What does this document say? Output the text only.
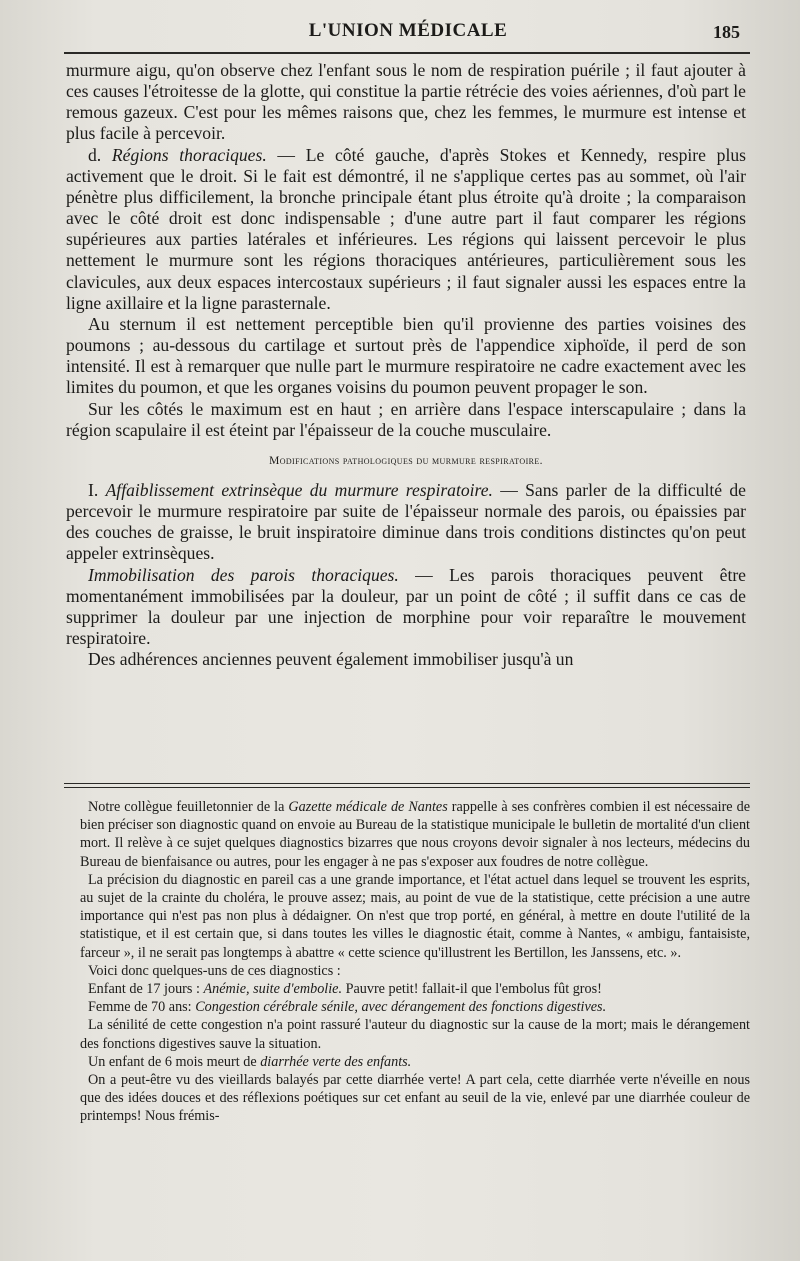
L'UNION MÉDICALE	185

murmure aigu, qu'on observe chez l'enfant sous le nom de respiration puérile ; il faut ajouter à ces causes l'étroitesse de la glotte, qui constitue la partie rétrécie des voies aériennes, d'où part le remous gazeux. C'est pour les mêmes raisons que, chez les femmes, le murmure est intense et plus facile à percevoir.

d. Régions thoraciques. — Le côté gauche, d'après Stokes et Kennedy, respire plus activement que le droit. Si le fait est démontré, il ne s'applique certes pas au sommet, où l'air pénètre plus difficilement, la bronche principale étant plus étroite qu'à droite ; la comparaison avec le côté droit est donc indispensable ; d'une autre part il faut comparer les régions supérieures aux parties latérales et inférieures. Les régions qui laissent percevoir le plus nettement le murmure sont les régions thoraciques antérieures, particulièrement sous les clavicules, aux deux espaces intercostaux supérieurs ; il faut signaler aussi les espaces entre la ligne axillaire et la ligne parasternale.

Au sternum il est nettement perceptible bien qu'il provienne des parties voisines des poumons ; au-dessous du cartilage et surtout près de l'appendice xiphoïde, il perd de son intensité. Il est à remarquer que nulle part le murmure respiratoire ne cadre exactement avec les limites du poumon, et que les organes voisins du poumon peuvent propager le son.

Sur les côtés le maximum est en haut ; en arrière dans l'espace interscapulaire ; dans la région scapulaire il est éteint par l'épaisseur de la couche musculaire.

Modifications pathologiques du murmure respiratoire.

I. Affaiblissement extrinsèque du murmure respiratoire. — Sans parler de la difficulté de percevoir le murmure respiratoire par suite de l'épaisseur normale des parois, ou épaissies par des couches de graisse, le bruit inspiratoire diminue dans trois conditions distinctes qu'on peut appeler extrinsèques.

Immobilisation des parois thoraciques. — Les parois thoraciques peuvent être momentanément immobilisées par la douleur, par un point de côté ; il suffit dans ce cas de supprimer la douleur par une injection de morphine pour voir reparaître le mouvement respiratoire.

Des adhérences anciennes peuvent également immobiliser jusqu'à un

Notre collègue feuilletonnier de la Gazette médicale de Nantes rappelle à ses confrères combien il est nécessaire de bien préciser son diagnostic quand on envoie au Bureau de la statistique municipale le bulletin de mortalité d'un client mort. Il relève à ce sujet quelques diagnostics bizarres que nous croyons devoir signaler à nos lecteurs, médecins du Bureau de bienfaisance ou autres, pour les engager à ne pas s'exposer aux foudres de notre collègue.

La précision du diagnostic en pareil cas a une grande importance, et l'état actuel dans lequel se trouvent les esprits, au sujet de la crainte du choléra, le prouve assez; mais, au point de vue de la statistique, cette précision a une autre importance qui n'est pas non plus à dédaigner. On n'est que trop porté, en général, à mettre en doute l'utilité de la statistique, et il est certain que, si dans toutes les villes le diagnostic était, comme à Nantes, « ambigu, fantaisiste, farceur », il ne serait pas longtemps à abattre « cette science qu'illustrent les Bertillon, les Janssens, etc. ».

Voici donc quelques-uns de ces diagnostics :

Enfant de 17 jours : Anémie, suite d'embolie. Pauvre petit! fallait-il que l'embolus fût gros!

Femme de 70 ans: Congestion cérébrale sénile, avec dérangement des fonctions digestives.

La sénilité de cette congestion n'a point rassuré l'auteur du diagnostic sur la cause de la mort; mais le dérangement des fonctions digestives sauve la situation.

Un enfant de 6 mois meurt de diarrhée verte des enfants.

On a peut-être vu des vieillards balayés par cette diarrhée verte! A part cela, cette diarrhée verte n'éveille en nous que des idées douces et des réflexions poétiques sur cet enfant au seuil de la vie, enlevé par une diarrhée couleur de printemps! Nous frémis-
